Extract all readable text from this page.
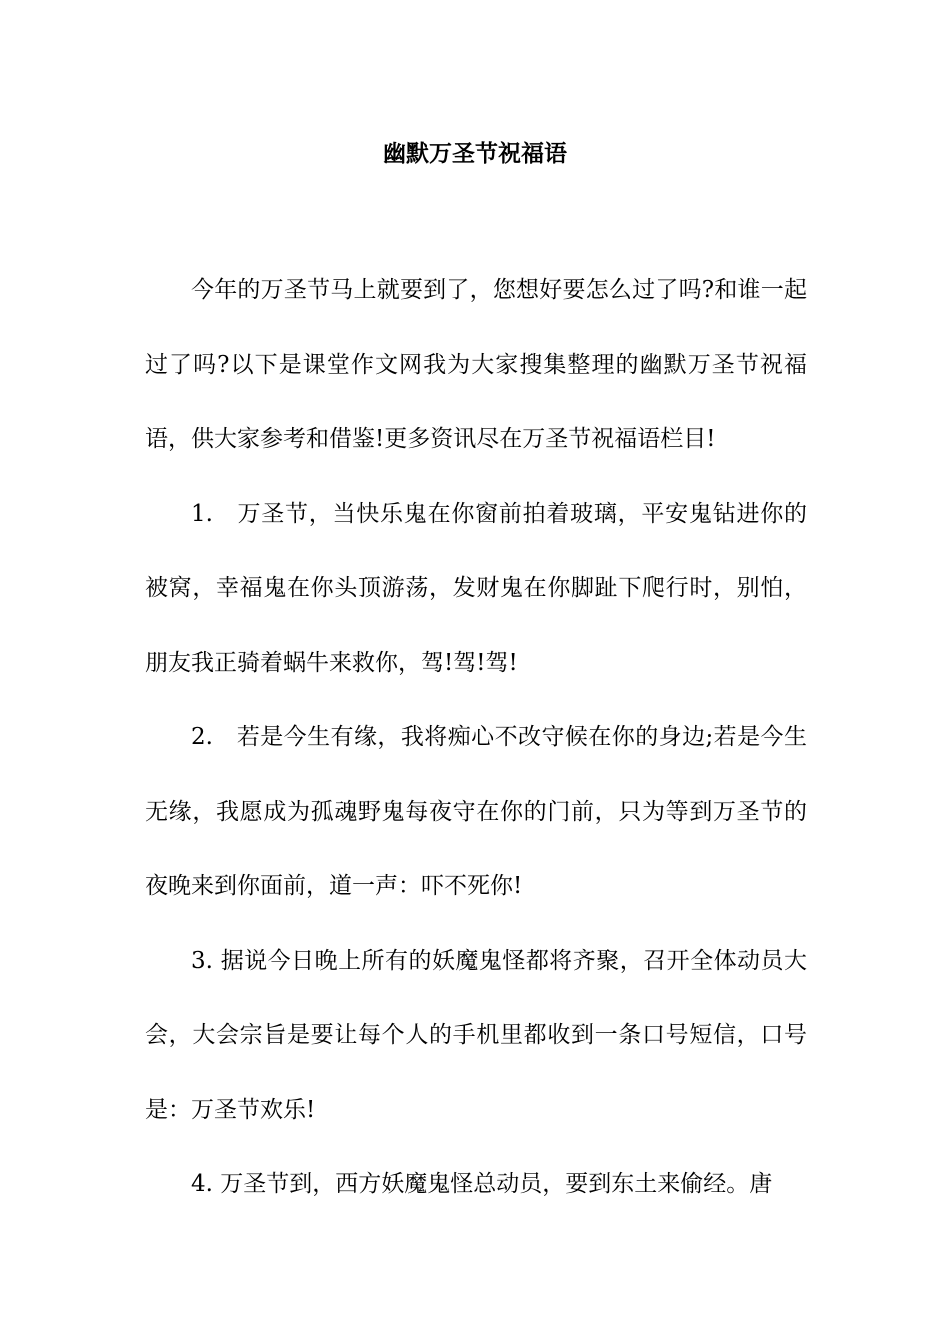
幽默万圣节祝福语

今年的万圣节马上就要到了，您想好要怎么过了吗?和谁一起过了吗?以下是课堂作文网我为大家搜集整理的幽默万圣节祝福语，供大家参考和借鉴!更多资讯尽在万圣节祝福语栏目!

1.　万圣节，当快乐鬼在你窗前拍着玻璃，平安鬼钻进你的被窝，幸福鬼在你头顶游荡，发财鬼在你脚趾下爬行时，别怕，朋友我正骑着蜗牛来救你，驾!驾!驾!

2.　若是今生有缘，我将痴心不改守候在你的身边;若是今生无缘，我愿成为孤魂野鬼每夜守在你的门前，只为等到万圣节的夜晚来到你面前，道一声：吓不死你!

3. 据说今日晚上所有的妖魔鬼怪都将齐聚，召开全体动员大会，大会宗旨是要让每个人的手机里都收到一条口号短信，口号是：万圣节欢乐!

4. 万圣节到，西方妖魔鬼怪总动员，要到东土来偷经。唐
